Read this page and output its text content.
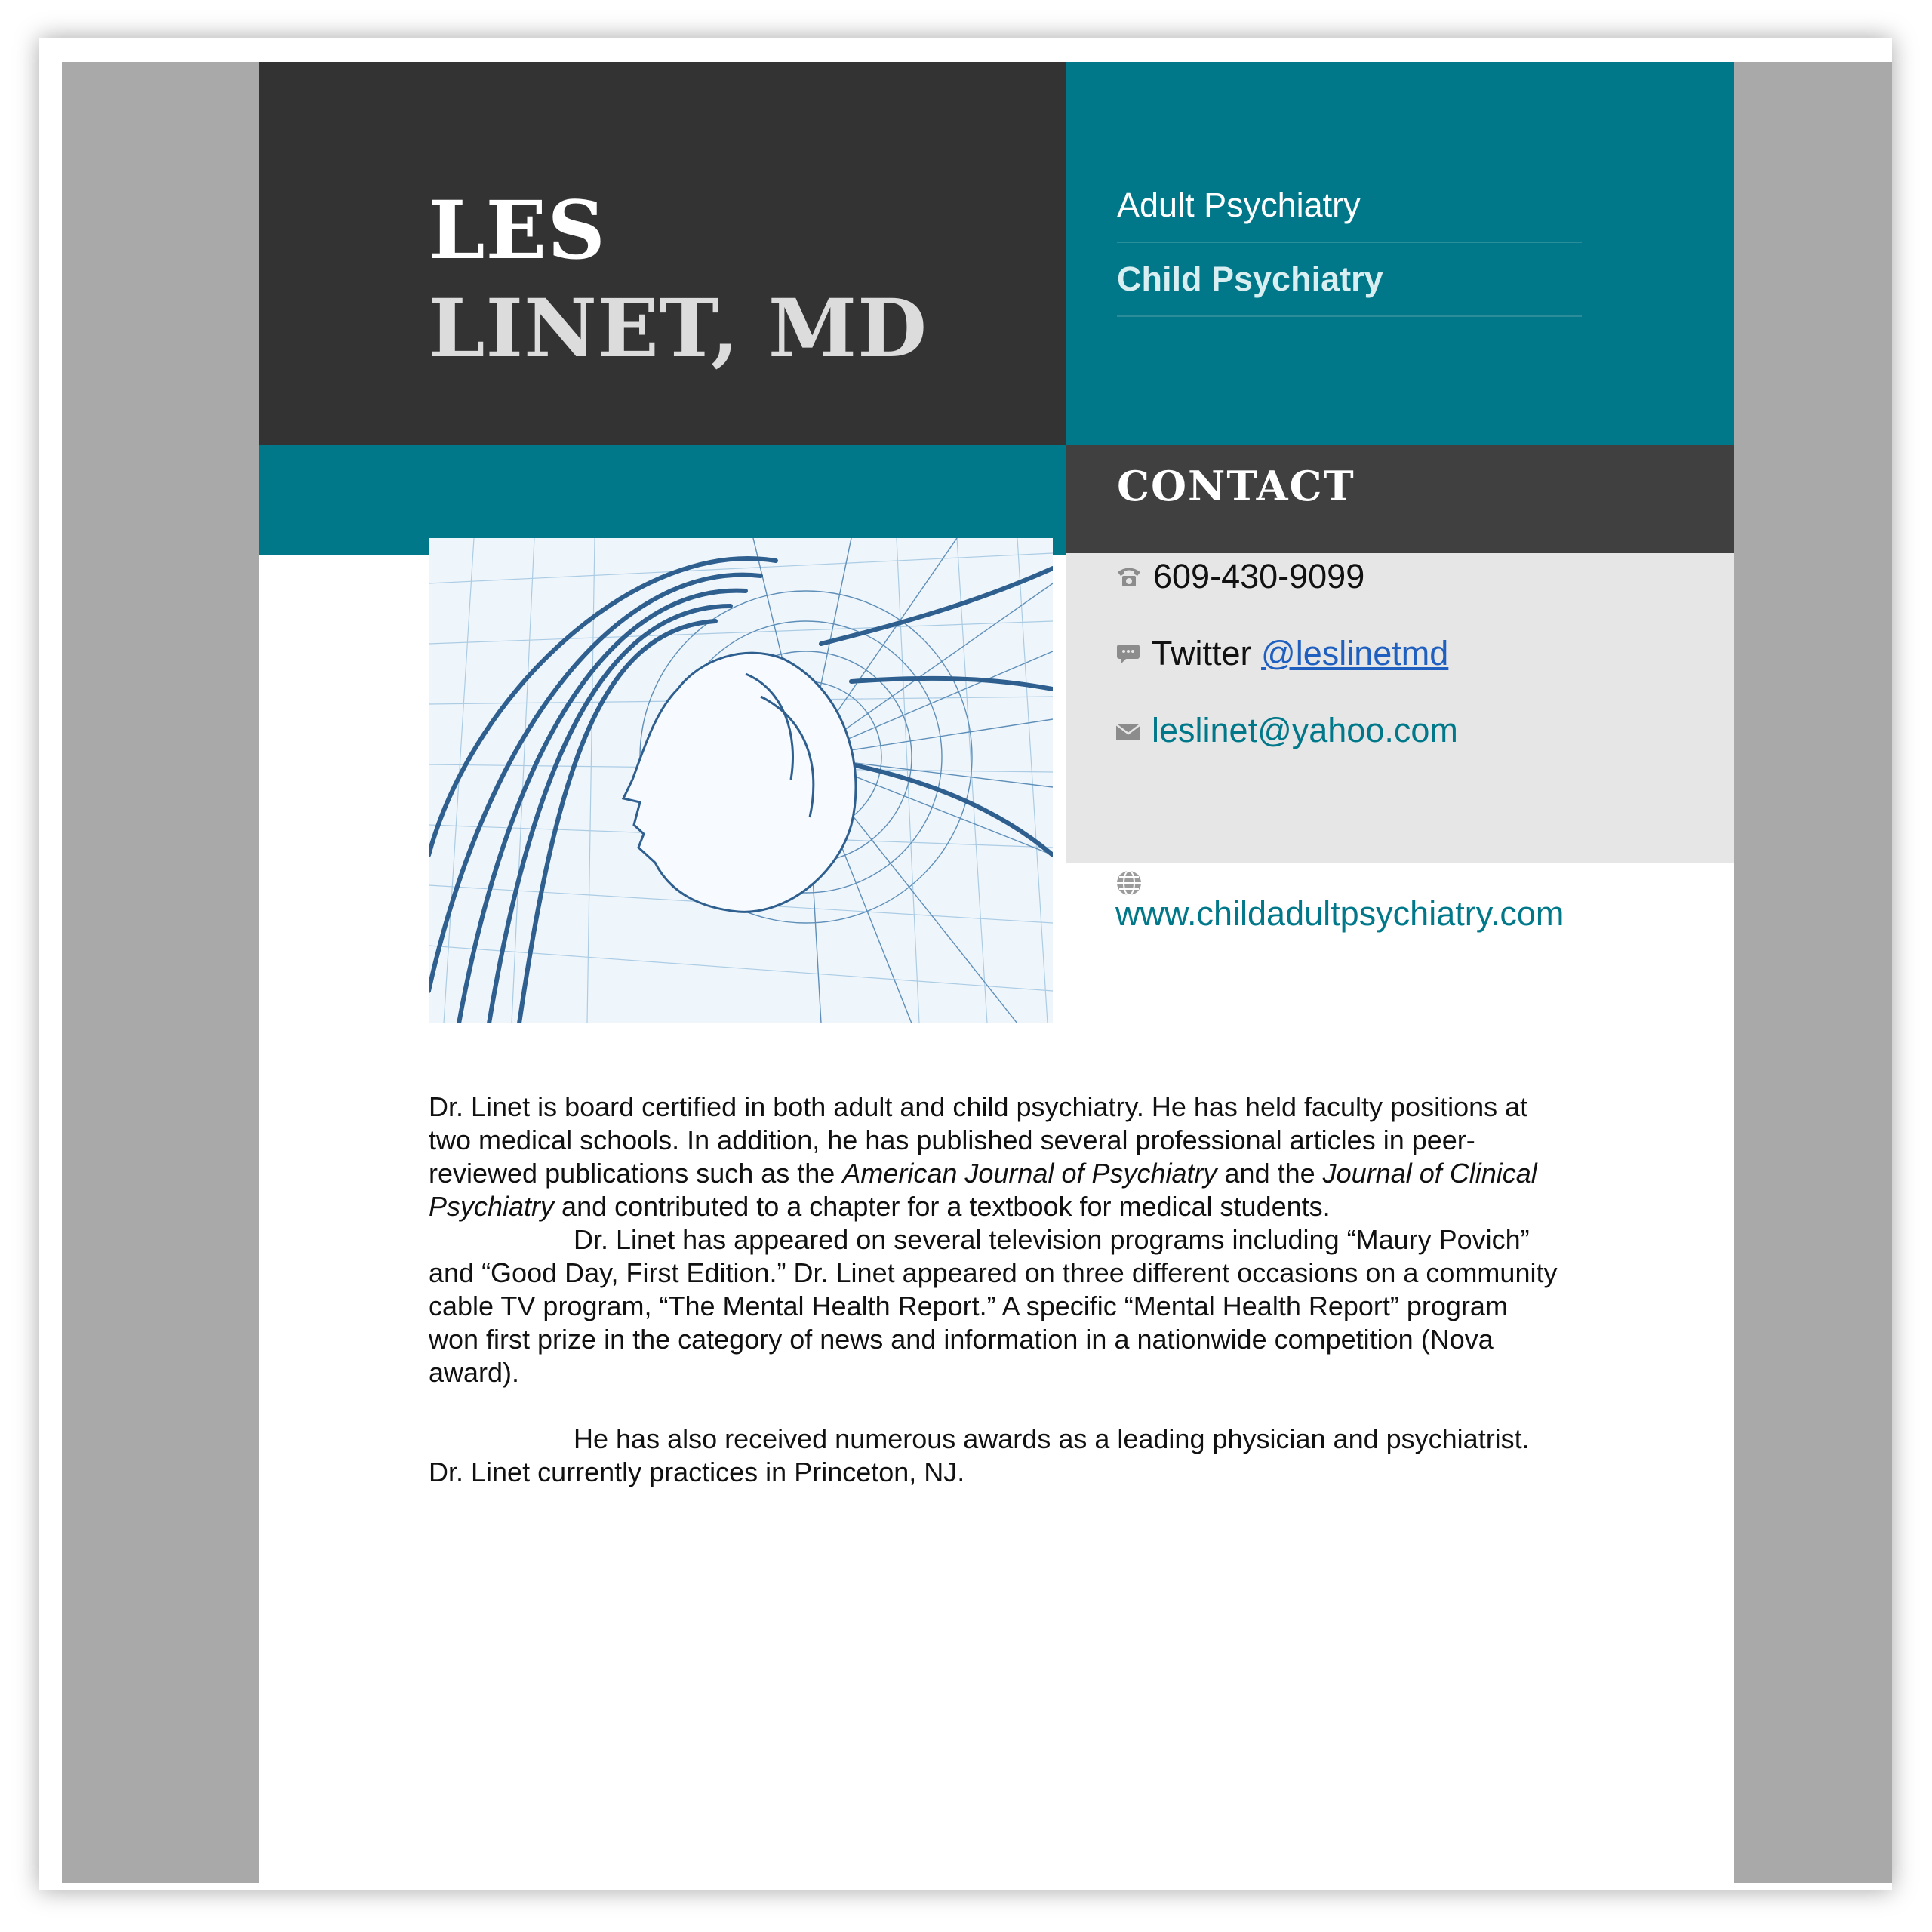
LES

LINET, MD
Adult Psychiatry
Child Psychiatry
CONTACT
609-430-9099
Twitter
@leslinetmd
leslinet@yahoo.com
www.childadultpsychiatry.com

Dr. Linet is board certified in both adult and child psychiatry. He has held faculty positions at two medical schools. In addition, he has published several professional articles in peer-reviewed publications such as the American Journal of Psychiatry and the Journal of Clinical Psychiatry and contributed to a chapter for a textbook for medical students.

Dr. Linet has appeared on several television programs including “Maury Povich” and “Good Day, First Edition.” Dr. Linet appeared on three different occasions on a community cable TV program, “The Mental Health Report.” A specific “Mental Health Report” program won first prize in the category of news and information in a nationwide competition (Nova award).

He has also received numerous awards as a leading physician and psychiatrist. Dr. Linet currently practices in Princeton, NJ.
